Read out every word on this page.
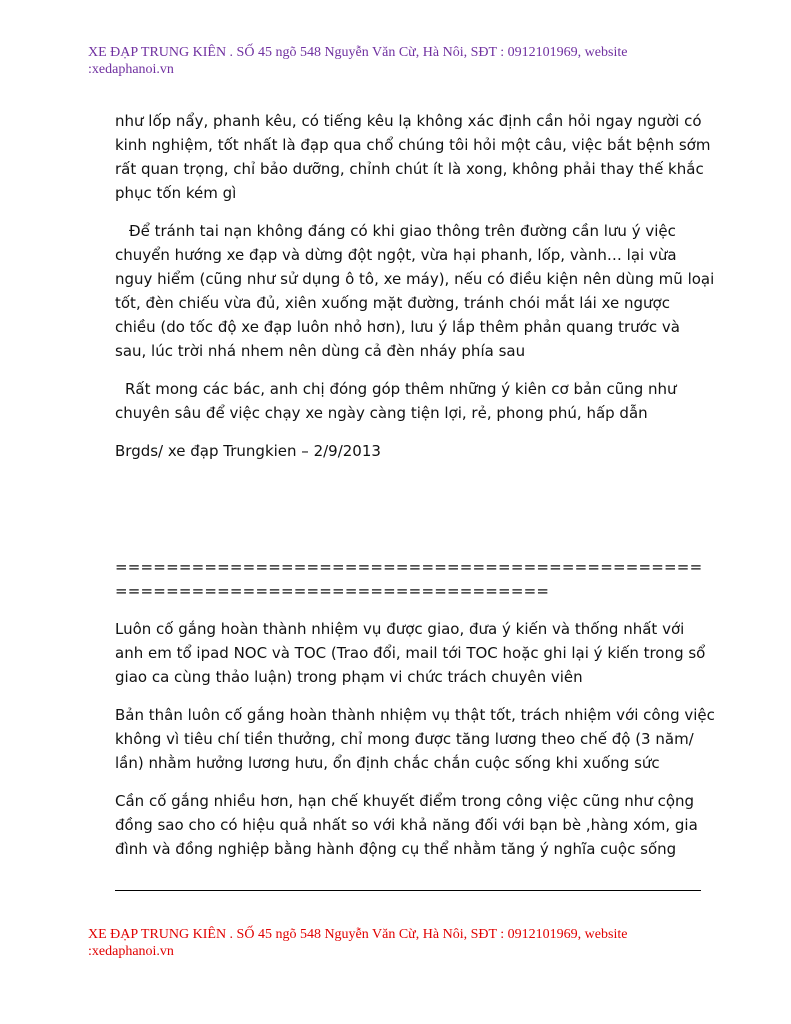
XE ĐẠP TRUNG KIÊN . SỐ 45 ngõ 548 Nguyễn Văn Cừ, Hà Nôi, SĐT : 0912101969, website
:xedaphanoi.vn

như lốp nẩy, phanh kêu, có tiếng kêu lạ không xác định cần hỏi ngay người có kinh nghiệm, tốt nhất là đạp qua chổ chúng tôi hỏi một câu, việc bắt bệnh sớm rất quan trọng, chỉ bảo dưỡng, chỉnh chút ít là xong, không phải thay thế khắc phục tốn kém gì

Để tránh tai nạn không đáng có khi giao thông trên đường cần lưu ý việc chuyển hướng xe đạp và dừng đột ngột, vừa hại phanh, lốp, vành… lại vừa nguy hiểm (cũng như sử dụng ô tô, xe máy), nếu có điều kiện nên dùng mũ loại tốt, đèn chiếu vừa đủ, xiên xuống mặt đường, tránh chói mắt lái xe ngược chiều (do tốc độ xe đạp luôn nhỏ hơn), lưu ý lắp thêm phản quang trước và sau, lúc trời nhá nhem nên dùng cả đèn nháy phía sau

Rất mong các bác, anh chị đóng góp thêm những ý kiên cơ bản cũng như chuyên sâu để việc chạy xe ngày càng tiện lợi, rẻ, phong phú, hấp dẫn

Brgds/ xe đạp Trungkien – 2/9/2013

================================================================================

Luôn cố gắng hoàn thành nhiệm vụ được giao, đưa ý kiến và thống nhất với anh em tổ ipad NOC và TOC (Trao đổi, mail tới TOC hoặc ghi lại ý kiến trong sổ giao ca cùng thảo luận) trong phạm vi chức trách chuyên viên

Bản thân luôn cố gắng hoàn thành nhiệm vụ thật tốt, trách nhiệm với công việc không vì tiêu chí tiền thưởng, chỉ mong được tăng lương theo chế độ (3 năm/ lần) nhằm hưởng lương hưu, ổn định chắc chắn cuộc sống khi xuống sức

Cần cố gắng nhiều hơn, hạn chế khuyết điểm trong công việc cũng như cộng đồng sao cho có hiệu quả nhất so với khả năng đối với bạn bè ,hàng xóm, gia đình và đồng nghiệp bằng hành động cụ thể nhằm tăng ý nghĩa cuộc sống

XE ĐẠP TRUNG KIÊN . SỐ 45 ngõ 548 Nguyễn Văn Cừ, Hà Nôi, SĐT : 0912101969, website
:xedaphanoi.vn
